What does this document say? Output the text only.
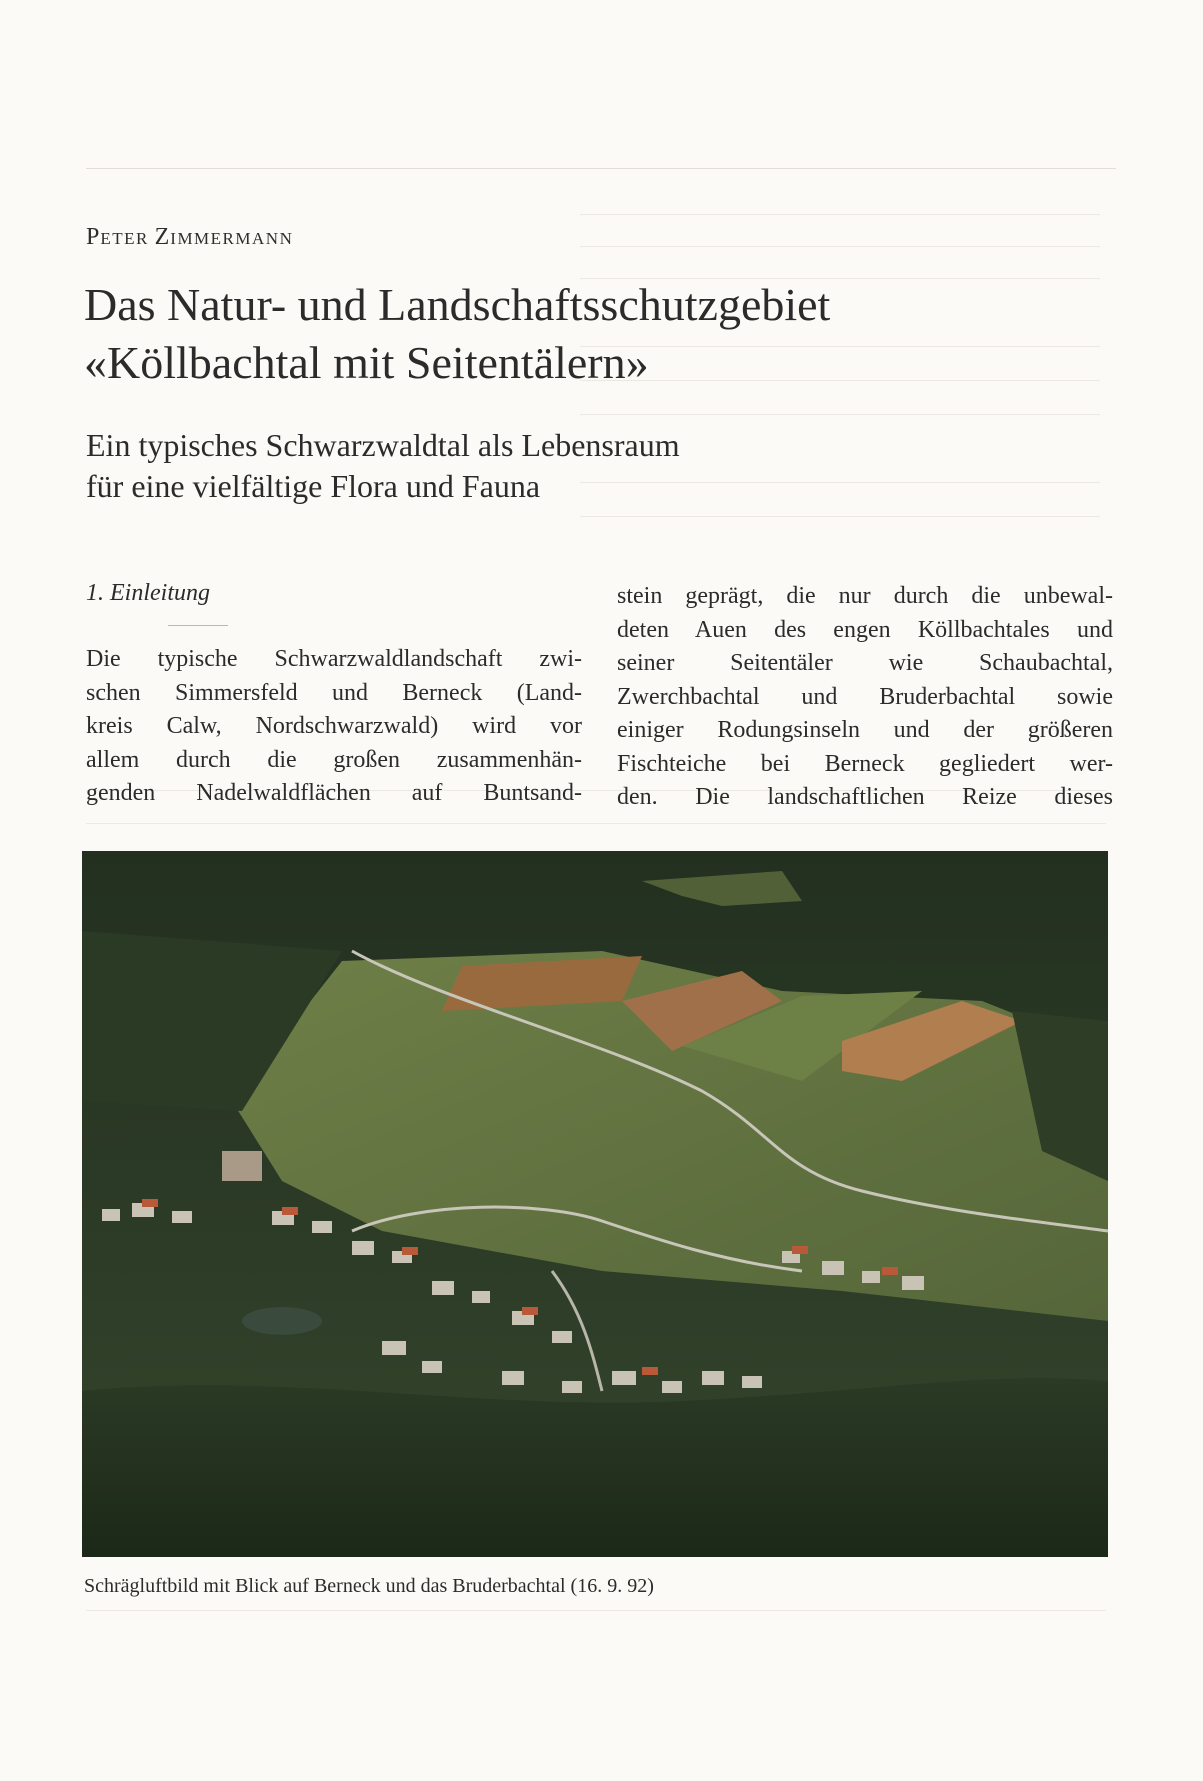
PETER ZIMMERMANN
Das Natur- und Landschaftsschutzgebiet
«Köllbachtal mit Seitentälern»
Ein typisches Schwarzwaldtal als Lebensraum
für eine vielfältige Flora und Fauna
1. Einleitung
Die typische Schwarzwaldlandschaft zwi-
schen Simmersfeld und Berneck (Land-
kreis Calw, Nordschwarzwald) wird vor
allem durch die großen zusammenhän-
genden Nadelwaldflächen auf Buntsand-
stein geprägt, die nur durch die unbewal-
deten Auen des engen Köllbachtales und
seiner Seitentäler wie Schaubachtal,
Zwerchbachtal und Bruderbachtal sowie
einiger Rodungsinseln und der größeren
Fischteiche bei Berneck gegliedert wer-
den. Die landschaftlichen Reize dieses
Schrägluftbild mit Blick auf Berneck und das Bruderbachtal (16. 9. 92)
